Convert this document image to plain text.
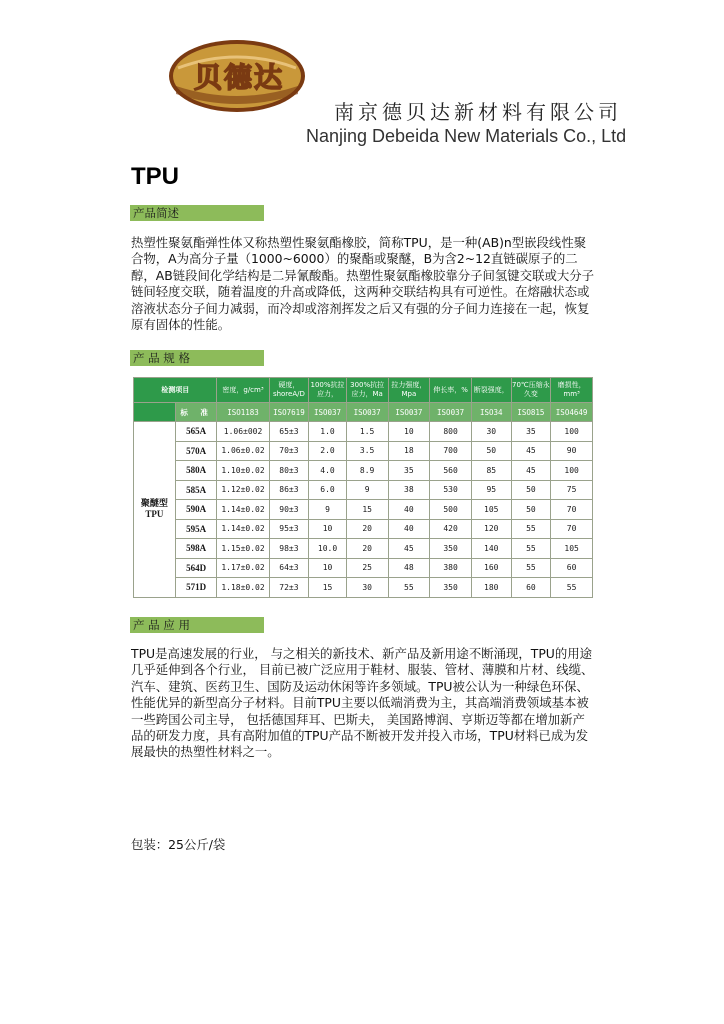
贝德达
南京德贝达新材料有限公司
Nanjing Debeida New Materials Co., Ltd
TPU
产品简述
热塑性聚氨酯弹性体又称热塑性聚氨酯橡胶，简称TPU，是一种(AB)n型嵌段线性聚合物，A为高分子量（1000~6000）的聚酯或聚醚，B为含2~12直链碳原子的二醇，AB链段间化学结构是二异氰酸酯。热塑性聚氨酯橡胶靠分子间氢键交联或大分子链间轻度交联，随着温度的升高或降低，这两种交联结构具有可逆性。在熔融状态或溶液状态分子间力减弱，而冷却或溶剂挥发之后又有强的分子间力连接在一起，恢复原有固体的性能。
产 品 规 格
检测项目		密度，g/cm³	硬度，shoreA/D	100%抗拉应力，	300%抗拉应力，Ma	拉力强度，Mpa	伸长率，%	断裂强度，	70℃压缩永久变	磨损性，mm³
	标 准	ISO1183	ISO7619	ISO037	ISO037	ISO037	ISO037	ISO34	ISO815	ISO4649
聚醚型 TPU	565A	1.06±002	65±3	1.0	1.5	10	800	30	35	100
	570A	1.06±0.02	70±3	2.0	3.5	18	700	50	45	90
	580A	1.10±0.02	80±3	4.0	8.9	35	560	85	45	100
	585A	1.12±0.02	86±3	6.0	9	38	530	95	50	75
	590A	1.14±0.02	90±3	9	15	40	500	105	50	70
	595A	1.14±0.02	95±3	10	20	40	420	120	55	70
	598A	1.15±0.02	98±3	10.0	20	45	350	140	55	105
	564D	1.17±0.02	64±3	10	25	48	380	160	55	60
	571D	1.18±0.02	72±3	15	30	55	350	180	60	55
产 品 应 用
TPU是高速发展的行业， 与之相关的新技术、新产品及新用途不断涌现，TPU的用途几乎延伸到各个行业， 目前已被广泛应用于鞋材、服装、管材、薄膜和片材、线缆、汽车、建筑、医药卫生、国防及运动休闲等许多领域。TPU被公认为一种绿色环保、性能优异的新型高分子材料。目前TPU主要以低端消费为主，其高端消费领域基本被一些跨国公司主导， 包括德国拜耳、巴斯夫， 美国路博润、亨斯迈等都在增加新产品的研发力度，具有高附加值的TPU产品不断被开发并投入市场，TPU材料已成为发展最快的热塑性材料之一。
包装：25公斤/袋
